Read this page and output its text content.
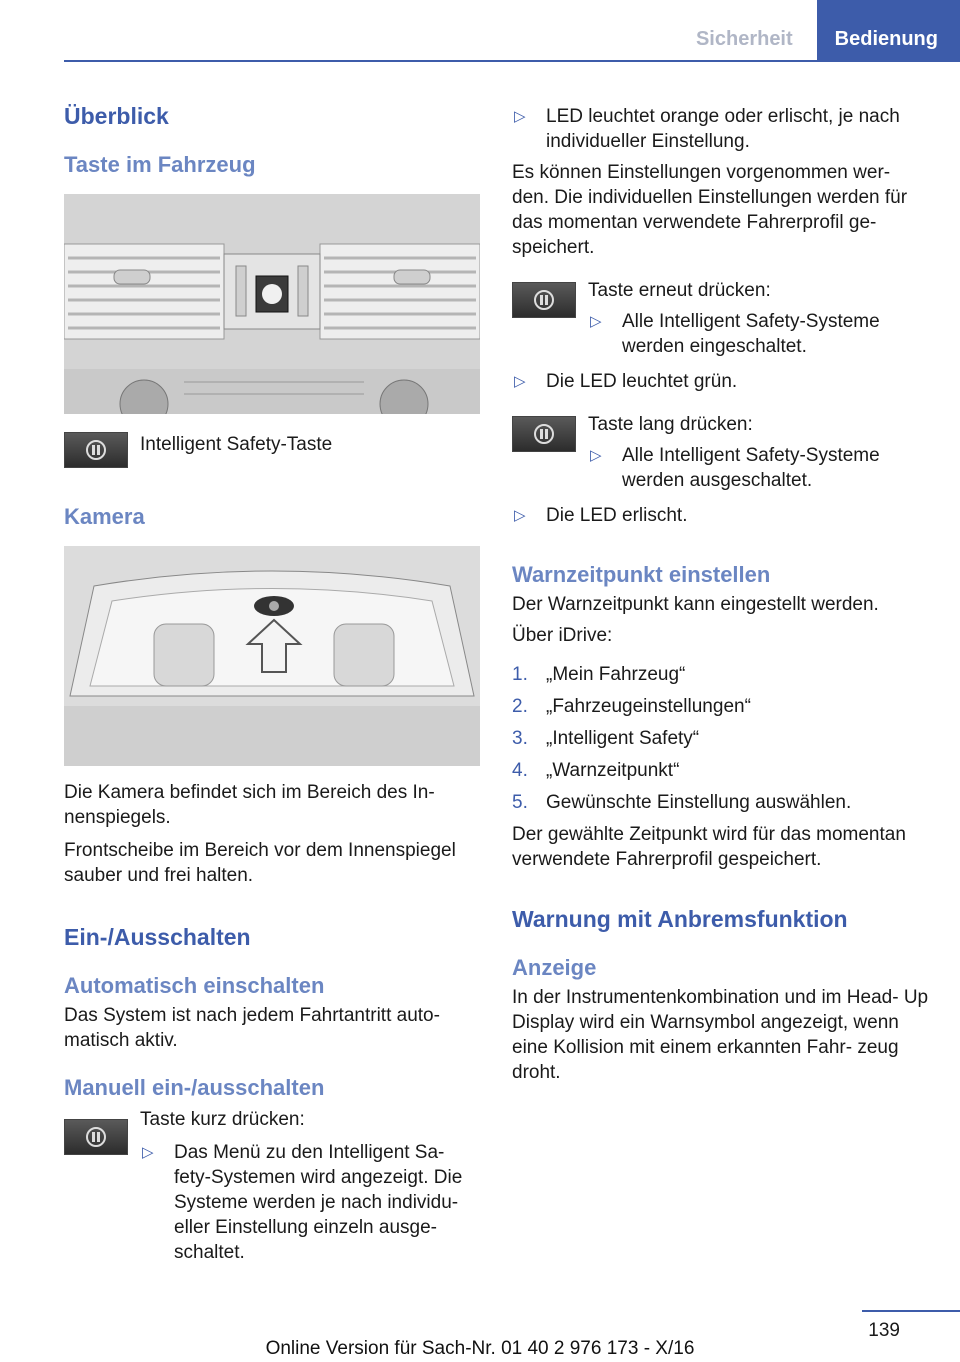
Sicherheit	Bedienung
Überblick
Taste im Fahrzeug
Intelligent Safety-Taste
Kamera

Die Kamera befindet sich im Bereich des In‐ nenspiegels.

Frontscheibe im Bereich vor dem Innenspiegel sauber und frei halten.

Ein-/Ausschalten
Automatisch einschalten

Das System ist nach jedem Fahrtantritt auto‐ matisch aktiv.

Manuell ein-/ausschalten
Taste kurz drücken:
▷ Das Menü zu den Intelligent Sa‐ fety-Systemen wird angezeigt. Die Systeme werden je nach individu‐ eller Einstellung einzeln ausge‐ schaltet.
▷ LED leuchtet orange oder erlischt, je nach individueller Einstellung.

Es können Einstellungen vorgenommen wer‐ den. Die individuellen Einstellungen werden für das momentan verwendete Fahrerprofil ge‐ speichert.

Taste erneut drücken:
▷ Alle Intelligent Safety-Systeme werden eingeschaltet.
▷ Die LED leuchtet grün.
Taste lang drücken:
▷ Alle Intelligent Safety-Systeme werden ausgeschaltet.
▷ Die LED erlischt.
Warnzeitpunkt einstellen

Der Warnzeitpunkt kann eingestellt werden.

Über iDrive:

1. „Mein Fahrzeug“
2. „Fahrzeugeinstellungen“
3. „Intelligent Safety“
4. „Warnzeitpunkt“
5. Gewünschte Einstellung auswählen.

Der gewählte Zeitpunkt wird für das momentan verwendete Fahrerprofil gespeichert.

Warnung mit Anbremsfunktion
Anzeige

In der Instrumentenkombination und im Head- Up Display wird ein Warnsymbol angezeigt, wenn eine Kollision mit einem erkannten Fahr‐ zeug droht.

139
Online Version für Sach-Nr. 01 40 2 976 173 - X/16
